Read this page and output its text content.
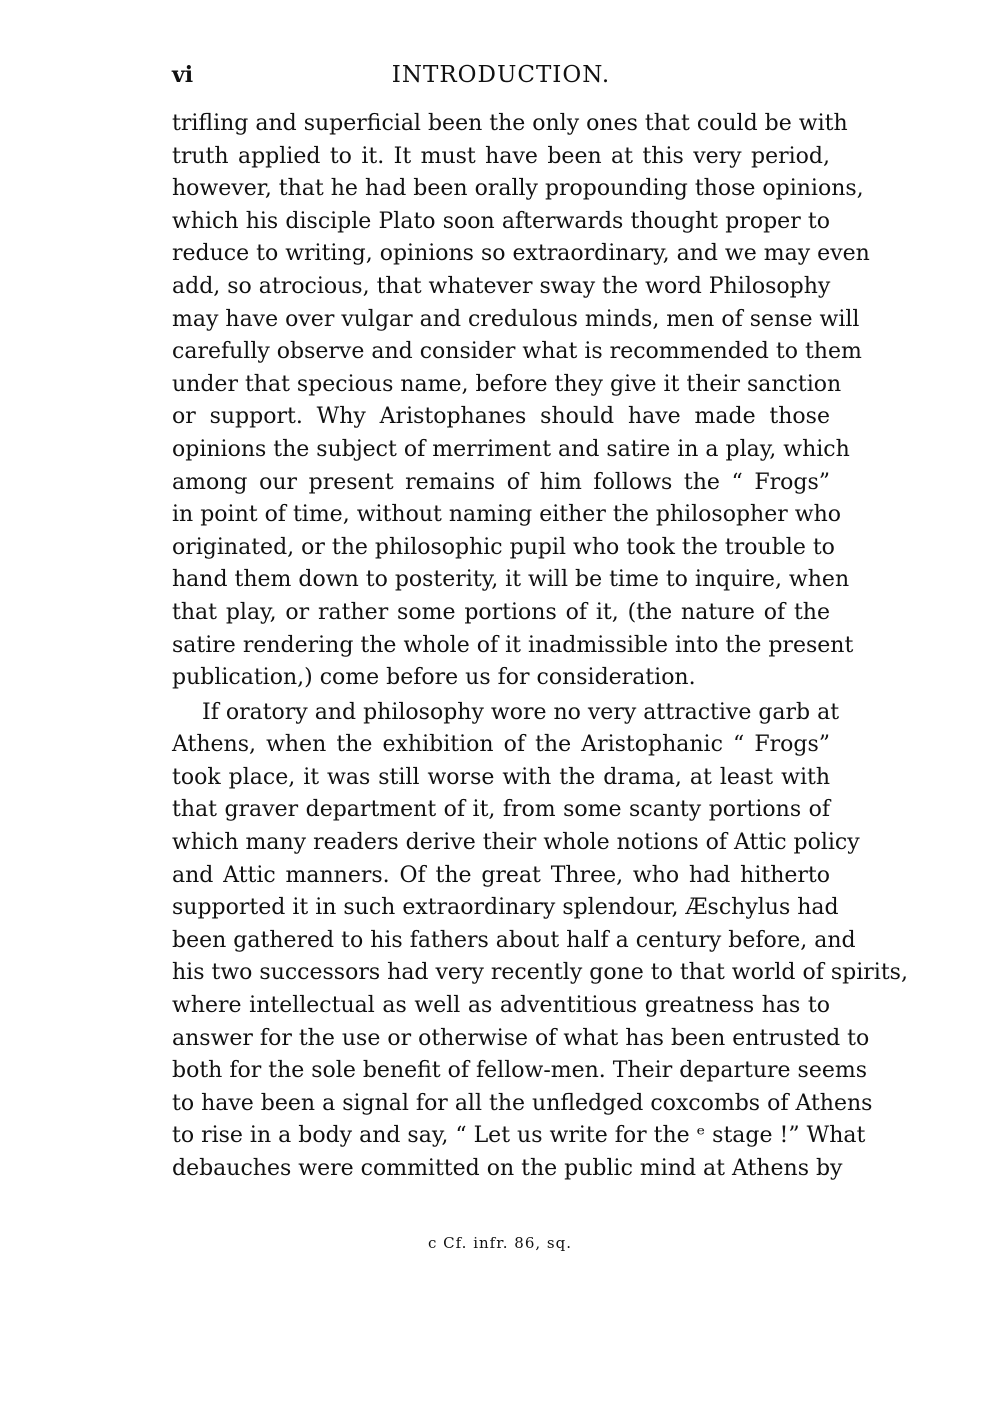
vi	INTRODUCTION.
trifling and superficial been the only ones that could be with
truth applied to it. It must have been at this very period,
however, that he had been orally propounding those opinions,
which his disciple Plato soon afterwards thought proper to
reduce to writing, opinions so extraordinary, and we may even
add, so atrocious, that whatever sway the word Philosophy
may have over vulgar and credulous minds, men of sense will
carefully observe and consider what is recommended to them
under that specious name, before they give it their sanction
or support. Why Aristophanes should have made those
opinions the subject of merriment and satire in a play, which
among our present remains of him follows the “ Frogs”
in point of time, without naming either the philosopher who
originated, or the philosophic pupil who took the trouble to
hand them down to posterity, it will be time to inquire, when
that play, or rather some portions of it, (the nature of the
satire rendering the whole of it inadmissible into the present
publication,) come before us for consideration.
If oratory and philosophy wore no very attractive garb at
Athens, when the exhibition of the Aristophanic “ Frogs”
took place, it was still worse with the drama, at least with
that graver department of it, from some scanty portions of
which many readers derive their whole notions of Attic policy
and Attic manners. Of the great Three, who had hitherto
supported it in such extraordinary splendour, Æschylus had
been gathered to his fathers about half a century before, and
his two successors had very recently gone to that world of spirits,
where intellectual as well as adventitious greatness has to
answer for the use or otherwise of what has been entrusted to
both for the sole benefit of fellow-men. Their departure seems
to have been a signal for all the unfledged coxcombs of Athens
to rise in a body and say, “ Let us write for the ᵉ stage !” What
debauches were committed on the public mind at Athens by
c Cf. infr. 86, sq.
